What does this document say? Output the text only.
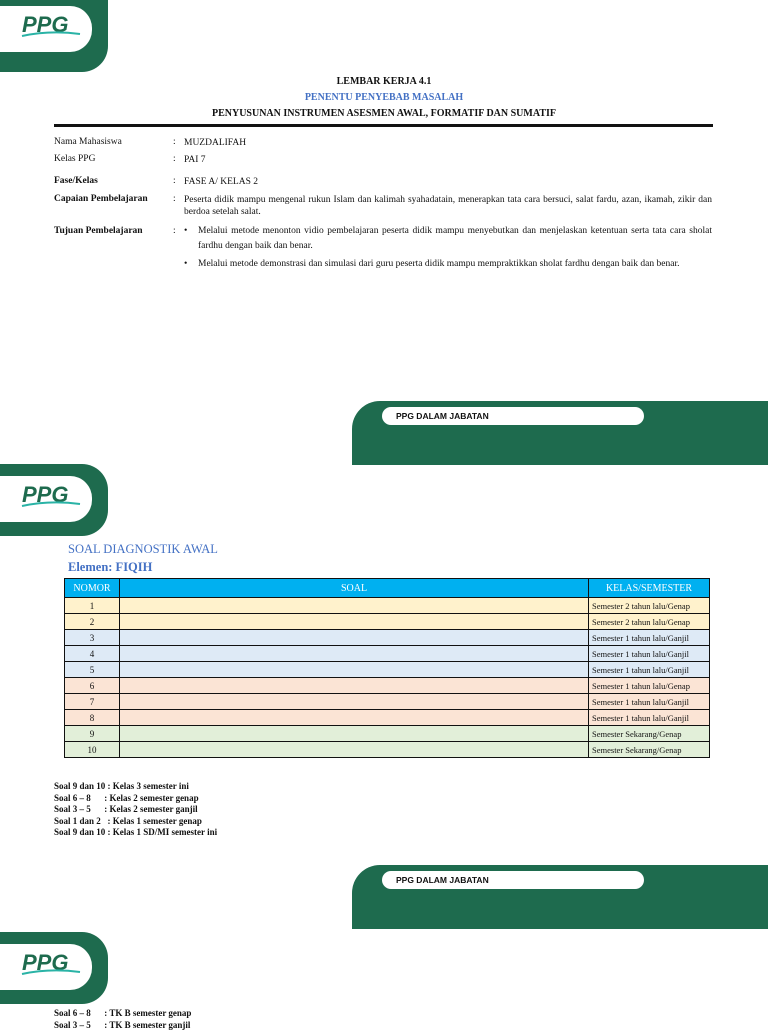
PPG
LEMBAR KERJA 4.1
PENENTU PENYEBAB MASALAH
PENYUSUNAN INSTRUMEN ASESMEN AWAL, FORMATIF DAN SUMATIF
Nama Mahasiswa	: MUZDALIFAH
Kelas PPG	: PAI 7
Fase/Kelas	: FASE A/ KELAS 2
Capaian Pembelajaran	: Peserta didik mampu mengenal rukun Islam dan kalimah syahadatain, menerapkan tata cara bersuci, salat fardu, azan, ikamah, zikir dan berdoa setelah salat.
Tujuan Pembelajaran	:	• Melalui metode menonton vidio pembelajaran peserta didik mampu menyebutkan dan menjelaskan ketentuan serta tata cara sholat fardhu dengan baik dan benar.
• Melalui metode demonstrasi dan simulasi dari guru peserta didik mampu mempraktikkan sholat fardhu dengan baik dan benar.
PPG DALAM JABATAN
PPG
SOAL DIAGNOSTIK AWAL
Elemen: FIQIH
NOMOR	SOAL	KELAS/SEMESTER
1		Semester 2 tahun lalu/Genap
2		Semester 2 tahun lalu/Genap
3		Semester 1 tahun lalu/Ganjil
4		Semester 1 tahun lalu/Ganjil
5		Semester 1 tahun lalu/Ganjil
6		Semester 1 tahun lalu/Genap
7		Semester 1 tahun lalu/Ganjil
8		Semester 1 tahun lalu/Ganjil
9		Semester Sekarang/Genap
10		Semester Sekarang/Genap
Soal 9 dan 10 : Kelas 3 semester ini
Soal 6 – 8      : Kelas 2 semester genap
Soal 3 – 5      : Kelas 2 semester ganjil
Soal 1 dan 2   : Kelas 1 semester genap
Soal 9 dan 10 : Kelas 1 SD/MI semester ini
PPG DALAM JABATAN
PPG
Soal 6 – 8      : TK B semester genap
Soal 3 – 5      : TK B semester ganjil
